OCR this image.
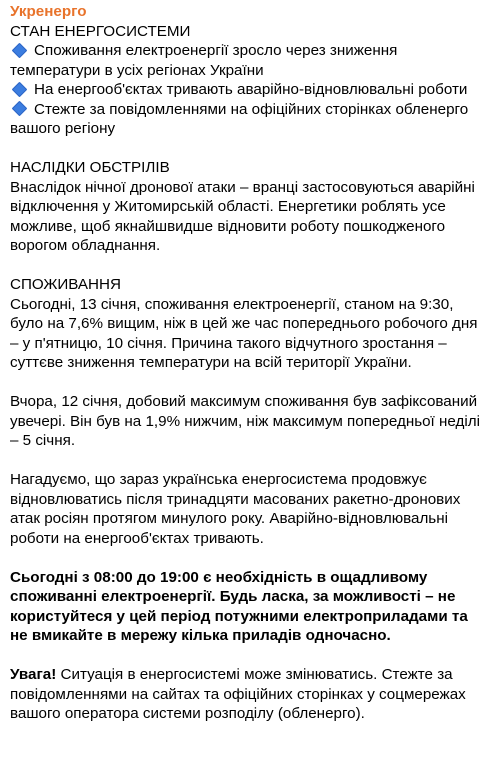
Укренерго

СТАН ЕНЕРГОСИСТЕМИ

Споживання електроенергії зросло через зниження температури в усіх регіонах України

На енергооб'єктах тривають аварійно-відновлювальні роботи

Стежте за повідомленнями на офіційних сторінках обленерго вашого регіону

НАСЛІДКИ ОБСТРІЛІВ

Внаслідок нічної дронової атаки – вранці застосовуються аварійні відключення у Житомирській області. Енергетики роблять усе можливе, щоб якнайшвидше відновити роботу пошкодженого ворогом обладнання.

СПОЖИВАННЯ

Сьогодні, 13 січня, споживання електроенергії, станом на 9:30, було на 7,6% вищим, ніж в цей же час попереднього робочого дня – у п'ятницю, 10 січня. Причина такого відчутного зростання – суттєве зниження температури на всій території України.

Вчора, 12 січня, добовий максимум споживання був зафіксований увечері. Він був на 1,9% нижчим, ніж максимум попередньої неділі – 5 січня.

Нагадуємо, що зараз українська енергосистема продовжує відновлюватись після тринадцяти масованих ракетно-дронових атак росіян протягом минулого року. Аварійно-відновлювальні роботи на енергооб'єктах тривають.

Сьогодні з 08:00 до 19:00 є необхідність в ощадливому споживанні електроенергії. Будь ласка, за можливості – не користуйтеся у цей період потужними електроприладами та не вмикайте в мережу кілька приладів одночасно.

Увага! Ситуація в енергосистемі може змінюватись. Стежте за повідомленнями на сайтах та офіційних сторінках у соцмережах вашого оператора системи розподілу (обленерго).
